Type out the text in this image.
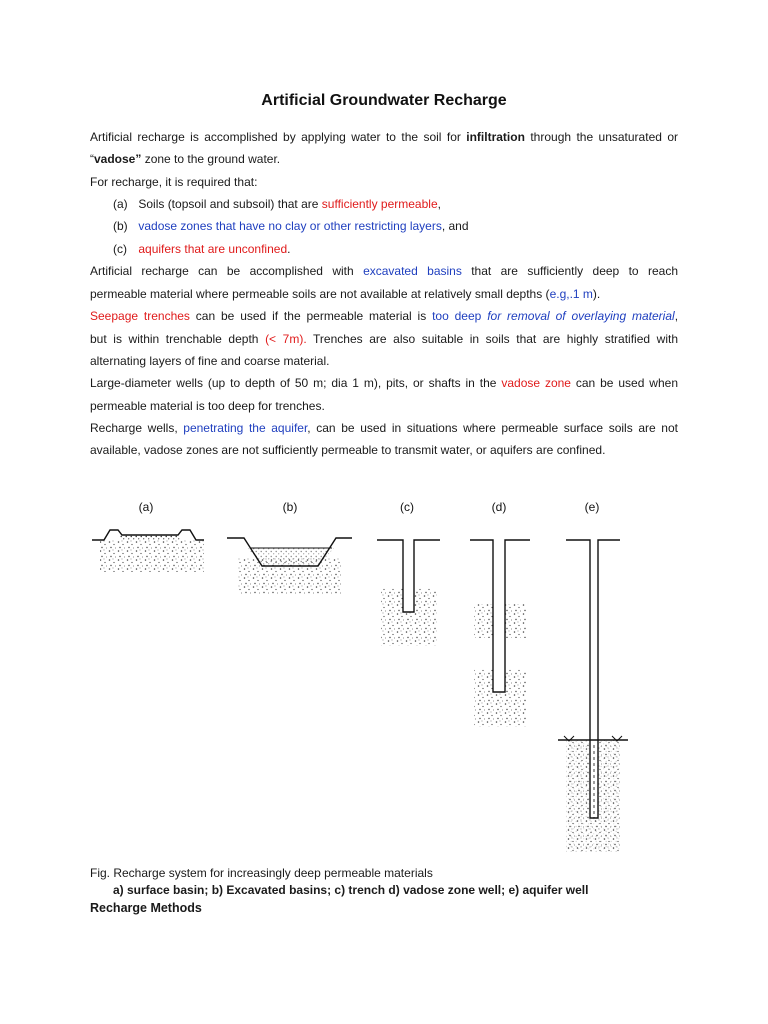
Artificial Groundwater Recharge

Artificial recharge is accomplished by applying water to the soil for infiltration through the unsaturated or

“vadose” zone to the ground water.

For recharge, it is required that:

(a) Soils (topsoil and subsoil) that are sufficiently permeable,

(b) vadose zones that have no clay or other restricting layers, and

(c) aquifers that are unconfined.

Artificial recharge can be accomplished with excavated basins that are sufficiently deep to reach

permeable material where permeable soils are not available at relatively small depths (e.g,.1 m).

Seepage trenches can be used if the permeable material is too deep for removal of overlaying material,

but is within trenchable depth (< 7m). Trenches are also suitable in soils that are highly stratified with

alternating layers of fine and coarse material.

Large-diameter wells (up to depth of 50 m; dia 1 m), pits, or shafts in the vadose zone can be used when

permeable material is too deep for trenches.

Recharge wells, penetrating the aquifer, can be used in situations where permeable surface soils are not

available, vadose zones are not sufficiently permeable to transmit water, or aquifers are confined.

(a)	(b)	(c)	(d)	(e)

Fig. Recharge system for increasingly deep permeable materials

a) surface basin; b) Excavated basins; c) trench d) vadose zone well; e) aquifer well

Recharge Methods
